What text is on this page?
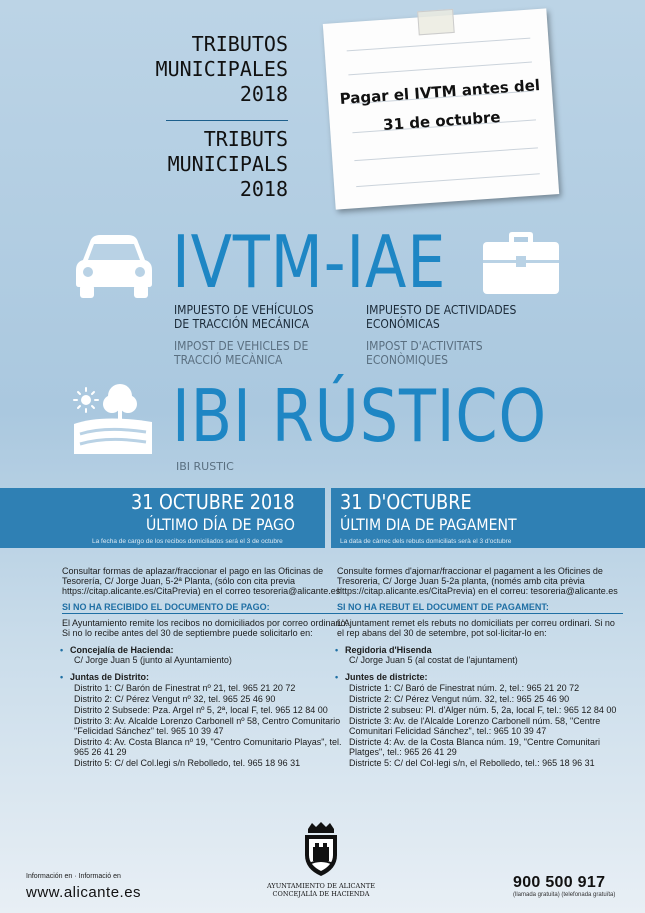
TRIBUTOS
MUNICIPALES
2018
TRIBUTS
MUNICIPALS
2018
Pagar el IVTM antes del
31 de octubre
IVTM-IAE
IMPUESTO DE VEHÍCULOS
DE TRACCIÓN MECÁNICA
IMPOST DE VEHICLES DE
TRACCIÓ MECÀNICA
IMPUESTO DE ACTIVIDADES
ECONÓMICAS
IMPOST D'ACTIVITATS
ECONÒMIQUES
IBI RÚSTICO
IBI RUSTIC
31 OCTUBRE 2018
ÚLTIMO DÍA DE PAGO
La fecha de cargo de los recibos domiciliados será el 3 de octubre
31 D'OCTUBRE
ÚLTIM DIA DE PAGAMENT
La data de càrrec dels rebuts domiciliats serà el 3 d'octubre

Consultar formas de aplazar/fraccionar el pago en las Oficinas de Tesorería, C/ Jorge Juan, 5-2ª Planta, (sólo con cita previa https://citap.alicante.es/CitaPrevia) en el correo tesoreria@alicante.es'

SI NO HA RECIBIDO EL DOCUMENTO DE PAGO:

El Ayuntamiento remite los recibos no domiciliados por correo ordinario. Si no lo recibe antes del 30 de septiembre puede solicitarlo en:

• Concejalía de Hacienda:
C/ Jorge Juan 5 (junto al Ayuntamiento)
• Juntas de Distrito:
Distrito 1: C/ Barón de Finestrat nº 21, tel. 965 21 20 72
Distrito 2: C/ Pérez Vengut nº 32, tel. 965 25 46 90
Distrito 2 Subsede: Pza. Argel nº 5, 2ª, local F, tel. 965 12 84 00
Distrito 3: Av. Alcalde Lorenzo Carbonell nº 58, Centro Comunitario "Felicidad Sánchez" tel. 965 10 39 47
Distrito 4: Av. Costa Blanca nº 19, "Centro Comunitario Playas", tel. 965 26 41 29
Distrito 5: C/ del Col.legi s/n Rebolledo, tel. 965 18 96 31

Consulte formes d'ajornar/fraccionar el pagament a les Oficines de Tresoreria, C/ Jorge Juan 5-2a planta, (només amb cita prèvia https://citap.alicante.es/CitaPrevia) en el correu: tesoreria@alicante.es

SI NO HA REBUT EL DOCUMENT DE PAGAMENT:

L'Ajuntament remet els rebuts no domiciliats per correu ordinari. Si no el rep abans del 30 de setembre, pot sol·licitar-lo en:

• Regidoria d'Hisenda
C/ Jorge Juan 5 (al costat de l'ajuntament)
• Juntes de districte:
Districte 1: C/ Baró de Finestrat núm. 2, tel.: 965 21 20 72
Districte 2: C/ Pérez Vengut núm. 32, tel.: 965 25 46 90
Districte 2 subseu: Pl. d'Alger núm. 5, 2a, local F, tel.: 965 12 84 00
Districte 3: Av. de l'Alcalde Lorenzo Carbonell núm. 58, "Centre Comunitari Felicidad Sánchez", tel.: 965 10 39 47
Districte 4: Av. de la Costa Blanca núm. 19, "Centre Comunitari Platges", tel.: 965 26 41 29
Districte 5: C/ del Col·legi s/n, el Rebolledo, tel.: 965 18 96 31
Información en · Informació en
www.alicante.es	AYUNTAMIENTO DE ALICANTE
CONCEJALÍA DE HACIENDA
900 500 917
(llamada gratuita) (telefonada gratuïta)
